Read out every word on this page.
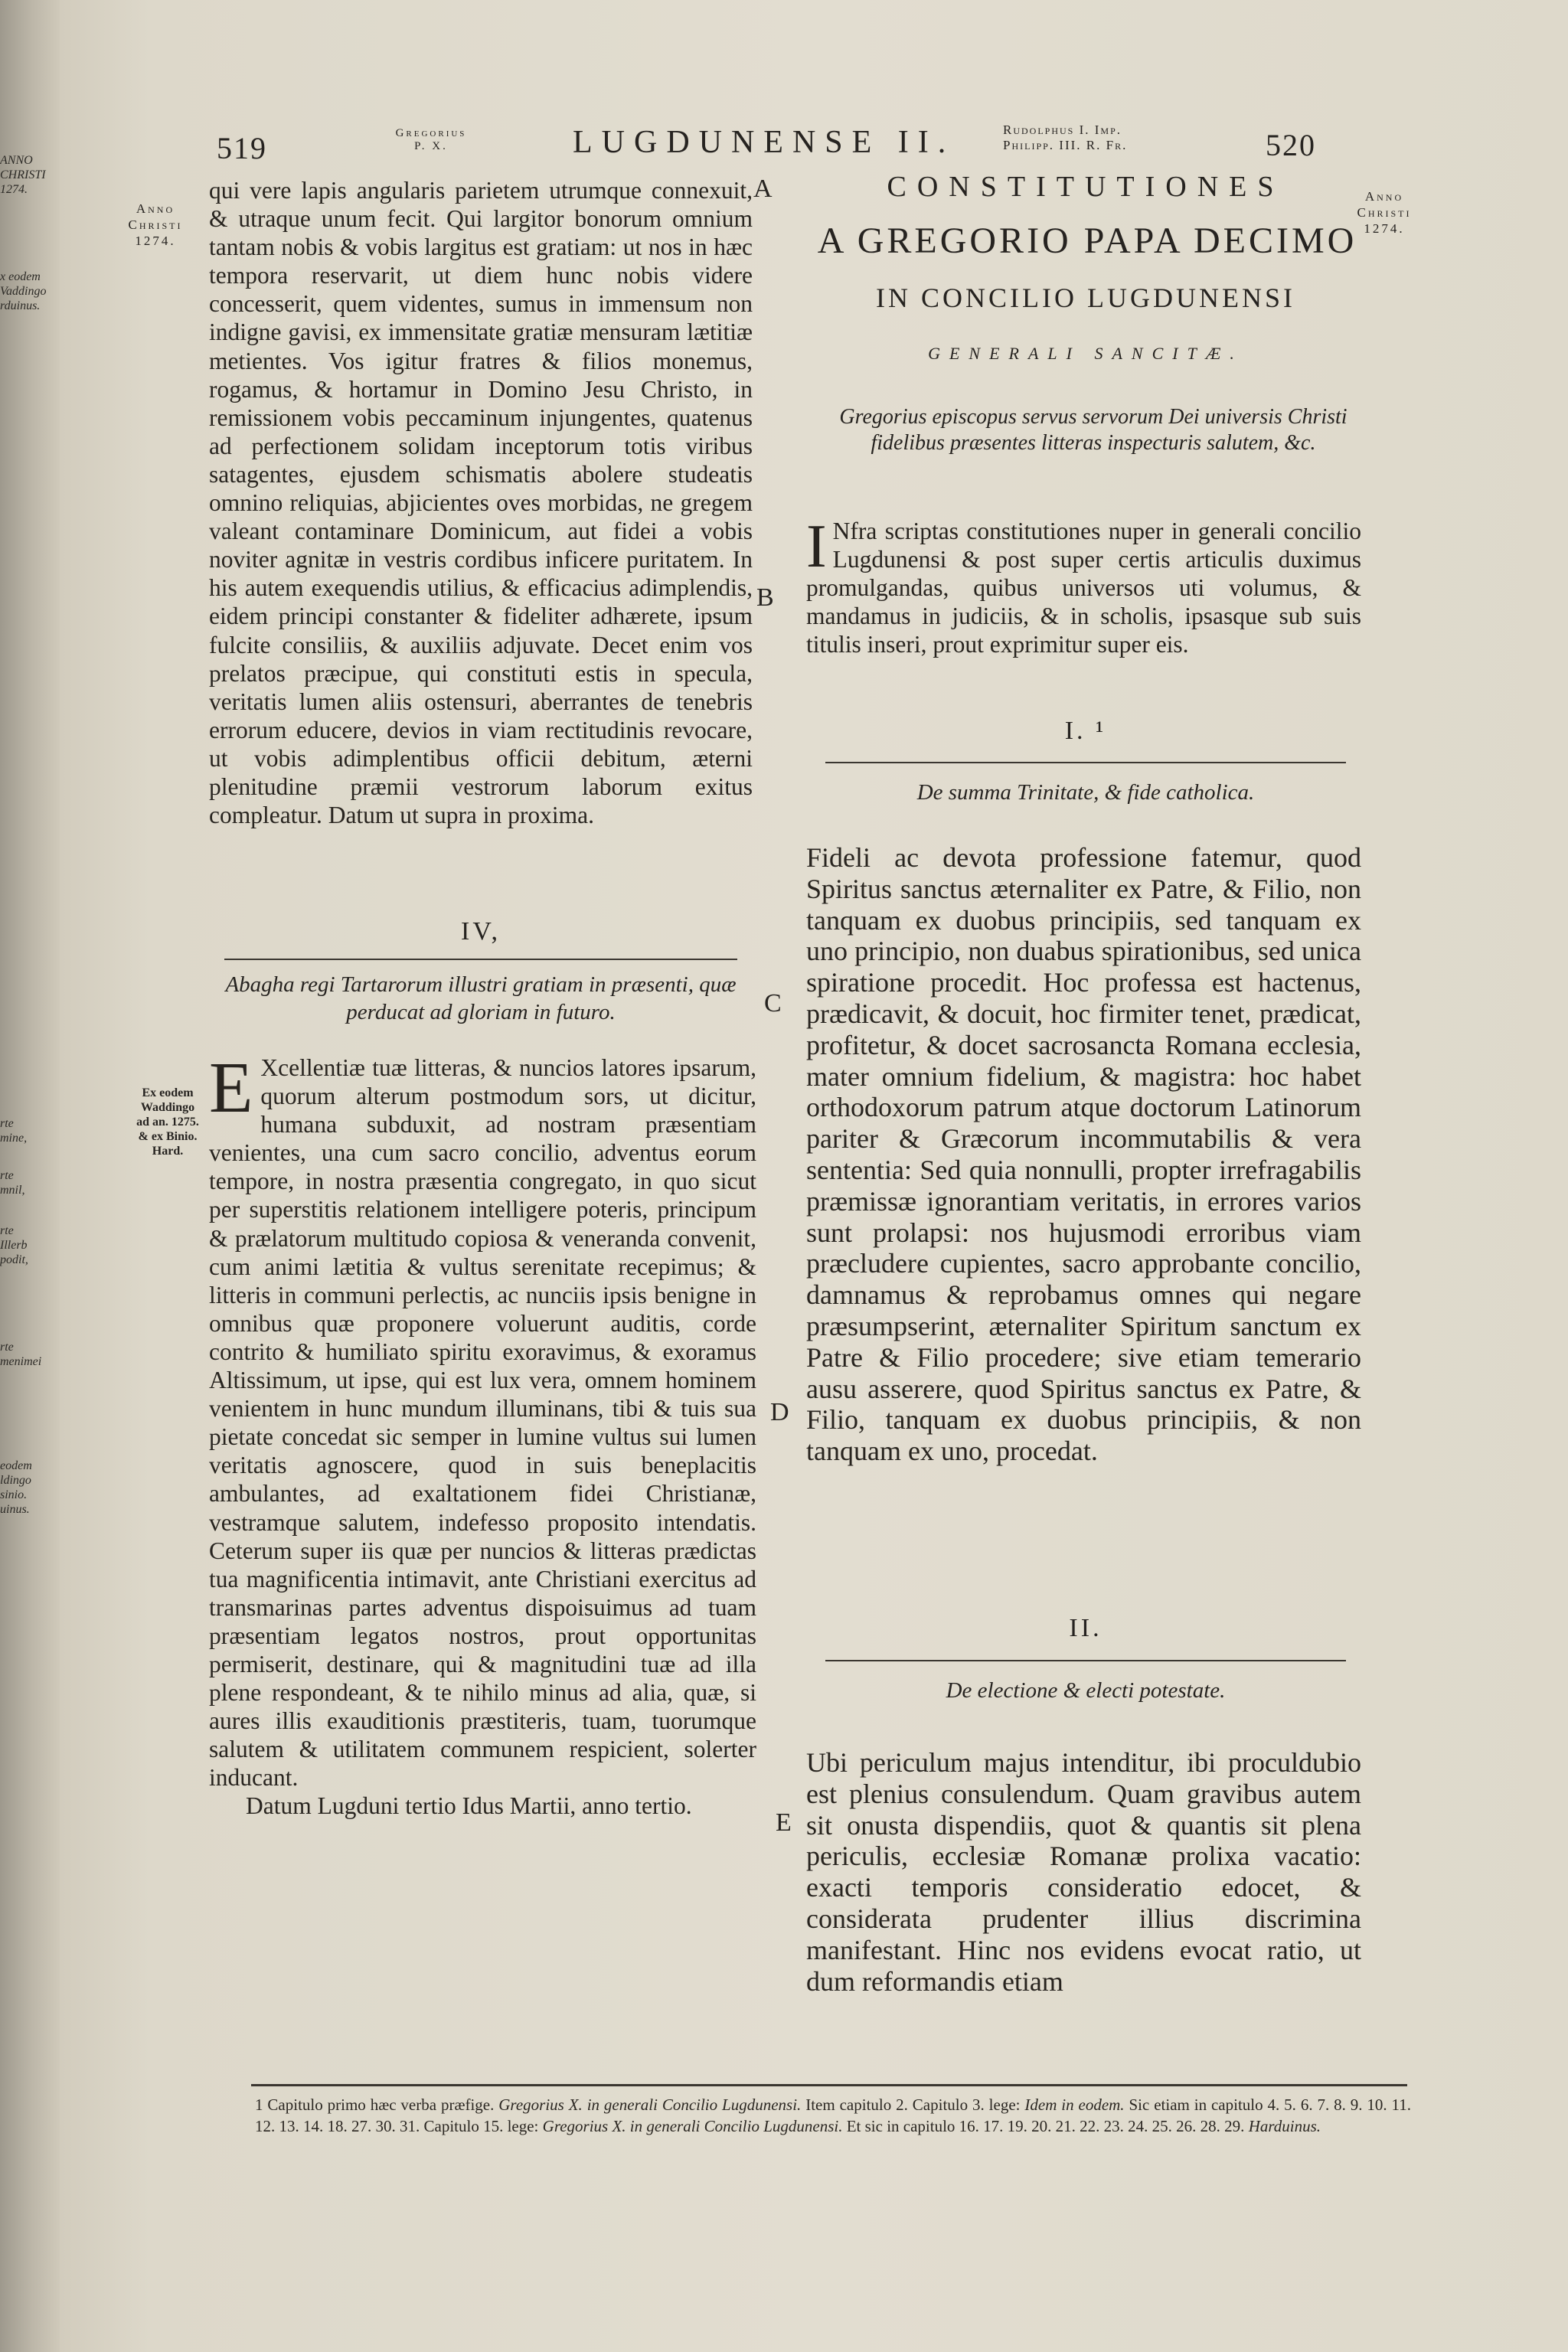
ANNO
CHRISTI
1274.
x eodem
Vaddingo
rduinus.
rte
mine,
rte
mnil,
rte
Illerb
podit,
rte
menimei
eodem
ldingo
sinio.
uinus.
519	Gregorius
P. X.	LUGDUNENSE II.	Rudolphus I. Imp.
Philipp. III. R. Fr.	520
Anno
Christi
1274.
Anno
Christi
1274.
A
B
C
D
E

qui vere lapis angularis parietem utrumque connexuit, & utraque unum fecit. Qui largitor bonorum omnium tantam nobis & vobis largitus est gratiam: ut nos in hæc tempora reservarit, ut diem hunc nobis videre concesserit, quem videntes, sumus in immensum non indigne gavisi, ex immensitate gratiæ mensuram lætitiæ metientes. Vos igitur fratres & filios monemus, rogamus, & hortamur in Domino Jesu Christo, in remissionem vobis peccaminum injungentes, quatenus ad perfectionem solidam inceptorum totis viribus satagentes, ejusdem schismatis abolere studeatis omnino reliquias, abjicientes oves morbidas, ne gregem valeant contaminare Dominicum, aut fidei a vobis noviter agnitæ in vestris cordibus inficere puritatem. In his autem exequendis utilius, & efficacius adimplendis, eidem principi constanter & fideliter adhærete, ipsum fulcite consiliis, & auxiliis adjuvate. Decet enim vos prelatos præcipue, qui constituti estis in specula, veritatis lumen aliis ostensuri, aberrantes de tenebris errorum educere, devios in viam rectitudinis revocare, ut vobis adimplentibus officii debitum, æterni plenitudine præmii vestrorum laborum exitus compleatur. Datum ut supra in proxima.

IV,
Abagha regi Tartarorum illustri gratiam in præsenti, quæ perducat ad gloriam in futuro.
Ex eodem
Waddingo
ad an. 1275.
& ex Binio.
Hard.

E Xcellentiæ tuæ litteras, & nuncios latores ipsarum, quorum alterum postmodum sors, ut dicitur, humana subduxit, ad nostram præsentiam venientes, una cum sacro concilio, adventus eorum tempore, in nostra præsentia congregato, in quo sicut per superstitis relationem intelligere poteris, principum & prælatorum multitudo copiosa & veneranda convenit, cum animi lætitia & vultus serenitate recepimus; & litteris in communi perlectis, ac nunciis ipsis benigne in omnibus quæ proponere voluerunt auditis, corde contrito & humiliato spiritu exoravimus, & exoramus Altissimum, ut ipse, qui est lux vera, omnem hominem venientem in hunc mundum illuminans, tibi & tuis sua pietate concedat sic semper in lumine vultus sui lumen veritatis agnoscere, quod in suis beneplacitis ambulantes, ad exaltationem fidei Christianæ, vestramque salutem, indefesso proposito intendatis. Ceterum super iis quæ per nuncios & litteras prædictas tua magnificentia intimavit, ante Christiani exercitus ad transmarinas partes adventus dispoisuimus ad tuam præsentiam legatos nostros, prout opportunitas permiserit, destinare, qui & magnitudini tuæ ad illa plene respondeant, & te nihilo minus ad alia, quæ, si aures illis exauditionis præstiteris, tuam, tuorumque salutem & utilitatem communem respicient, solerter inducant.

Datum Lugduni tertio Idus Martii, anno tertio.

CONSTITUTIONES
A GREGORIO PAPA DECIMO
IN CONCILIO LUGDUNENSI
GENERALI SANCITÆ.
Gregorius episcopus servus servorum Dei universis Christi fidelibus præsentes litteras inspecturis salutem, &c.

I Nfra scriptas constitutiones nuper in generali concilio Lugdunensi & post super certis articulis duximus promulgandas, quibus universos uti volumus, & mandamus in judiciis, & in scholis, ipsasque sub suis titulis inseri, prout exprimitur super eis.

I. ¹
De summa Trinitate, & fide catholica.

Fideli ac devota professione fatemur, quod Spiritus sanctus æternaliter ex Patre, & Filio, non tanquam ex duobus principiis, sed tanquam ex uno principio, non duabus spirationibus, sed unica spiratione procedit. Hoc professa est hactenus, prædicavit, & docuit, hoc firmiter tenet, prædicat, profitetur, & docet sacrosancta Romana ecclesia, mater omnium fidelium, & magistra: hoc habet orthodoxorum patrum atque doctorum Latinorum pariter & Græcorum incommutabilis & vera sententia: Sed quia nonnulli, propter irrefragabilis præmissæ ignorantiam veritatis, in errores varios sunt prolapsi: nos hujusmodi erroribus viam præcludere cupientes, sacro approbante concilio, damnamus & reprobamus omnes qui negare præsumpserint, æternaliter Spiritum sanctum ex Patre & Filio procedere; sive etiam temerario ausu asserere, quod Spiritus sanctus ex Patre, & Filio, tanquam ex duobus principiis, & non tanquam ex uno, procedat.

II.
De electione & electi potestate.

Ubi periculum majus intenditur, ibi proculdubio est plenius consulendum. Quam gravibus autem sit onusta dispendiis, quot & quantis sit plena periculis, ecclesiæ Romanæ prolixa vacatio: exacti temporis consideratio edocet, & considerata prudenter illius discrimina manifestant. Hinc nos evidens evocat ratio, ut dum reformandis etiam

1 Capitulo primo hæc verba præfige. Gregorius X. in generali Concilio Lugdunensi. Item capitulo 2. Capitulo 3. lege: Idem in eodem. Sic etiam in capitulo 4. 5. 6. 7. 8. 9. 10. 11. 12. 13. 14. 18. 27. 30. 31. Capitulo 15. lege: Gregorius X. in generali Concilio Lugdunensi. Et sic in capitulo 16. 17. 19. 20. 21. 22. 23. 24. 25. 26. 28. 29. Harduinus.
